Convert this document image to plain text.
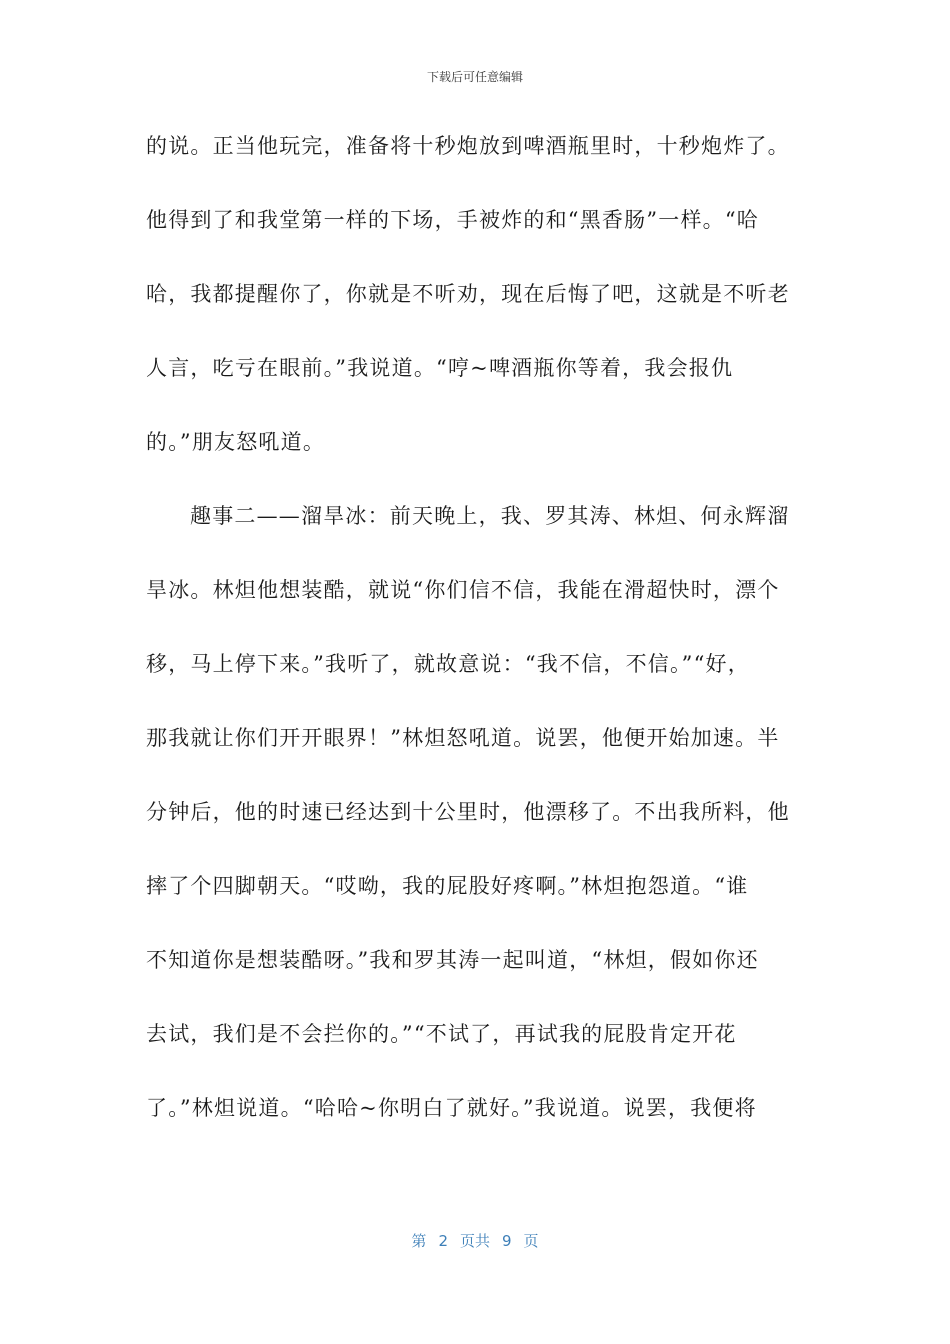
下载后可任意编辑
的说。正当他玩完，准备将十秒炮放到啤酒瓶里时，十秒炮炸了。
他得到了和我堂第一样的下场，手被炸的和“黑香肠”一样。“哈
哈，我都提醒你了，你就是不听劝，现在后悔了吧，这就是不听老
人言，吃亏在眼前。”我说道。“哼~啤酒瓶你等着，我会报仇
的。”朋友怒吼道。
趣事二——溜旱冰：前天晚上，我、罗其涛、林炟、何永辉溜
旱冰。林炟他想装酷，就说“你们信不信，我能在滑超快时，漂个
移，马上停下来。”我听了，就故意说：“我不信，不信。”“好，
那我就让你们开开眼界！”林炟怒吼道。说罢，他便开始加速。半
分钟后，他的时速已经达到十公里时，他漂移了。不出我所料，他
摔了个四脚朝天。“哎呦，我的屁股好疼啊。”林炟抱怨道。“谁
不知道你是想装酷呀。”我和罗其涛一起叫道，“林炟，假如你还
去试，我们是不会拦你的。”“不试了，再试我的屁股肯定开花
了。”林炟说道。“哈哈~你明白了就好。”我说道。说罢，我便将
第 2 页共 9 页
